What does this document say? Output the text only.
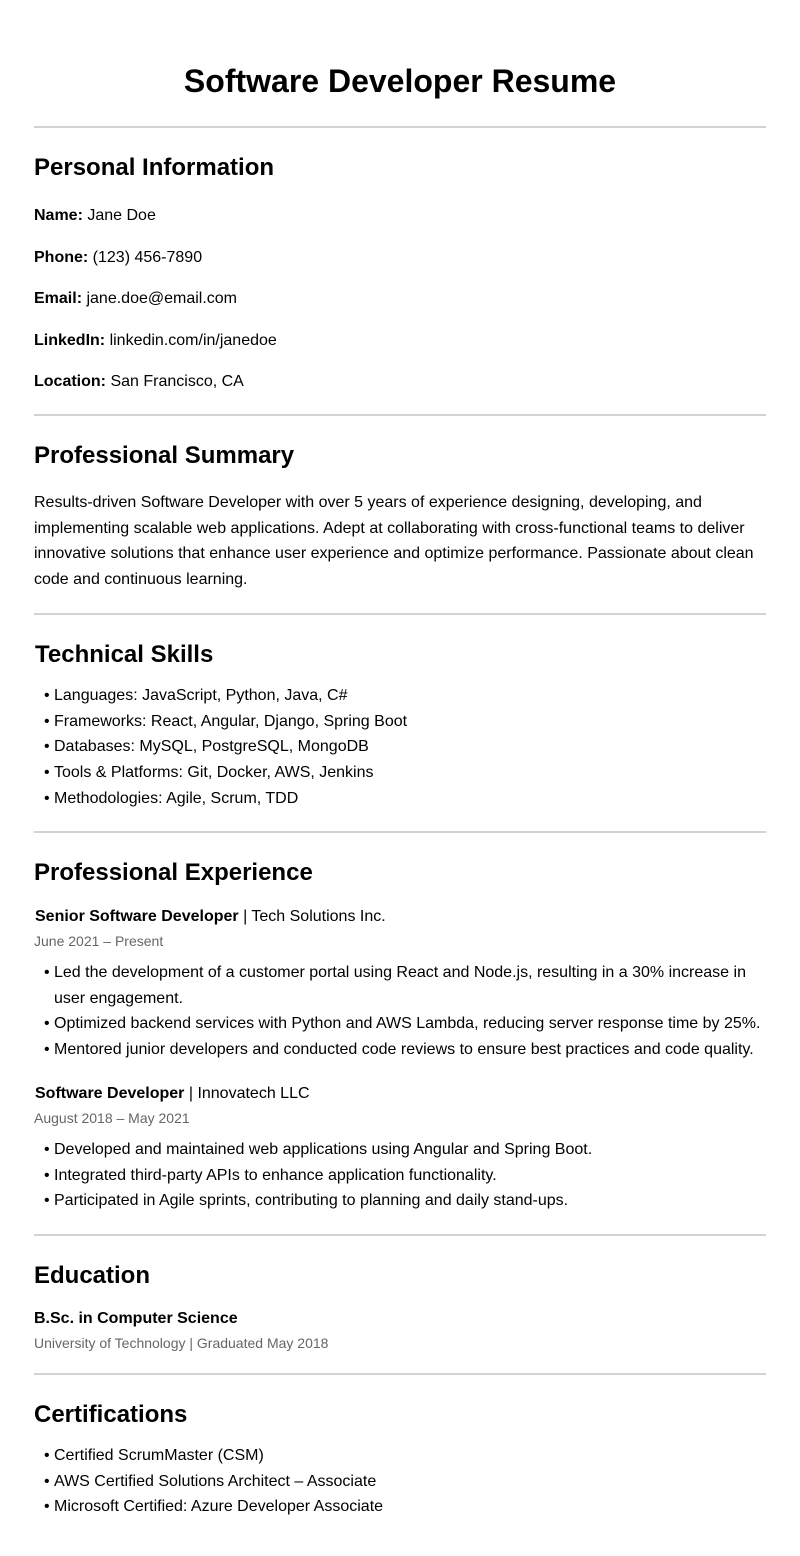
Software Developer Resume
Personal Information

Name: Jane Doe

Phone: (123) 456-7890

Email: jane.doe@email.com

LinkedIn: linkedin.com/in/janedoe

Location: San Francisco, CA

Professional Summary

Results-driven Software Developer with over 5 years of experience designing, developing, and implementing scalable web applications. Adept at collaborating with cross-functional teams to deliver innovative solutions that enhance user experience and optimize performance. Passionate about clean code and continuous learning.

Technical Skills
• Languages: JavaScript, Python, Java, C#
• Frameworks: React, Angular, Django, Spring Boot
• Databases: MySQL, PostgreSQL, MongoDB
• Tools & Platforms: Git, Docker, AWS, Jenkins
• Methodologies: Agile, Scrum, TDD
Professional Experience

Senior Software Developer | Tech Solutions Inc.

June 2021 – Present

• Led the development of a customer portal using React and Node.js, resulting in a 30% increase in user engagement.
• Optimized backend services with Python and AWS Lambda, reducing server response time by 25%.
• Mentored junior developers and conducted code reviews to ensure best practices and code quality.

Software Developer | Innovatech LLC

August 2018 – May 2021

• Developed and maintained web applications using Angular and Spring Boot.
• Integrated third-party APIs to enhance application functionality.
• Participated in Agile sprints, contributing to planning and daily stand-ups.
Education

B.Sc. in Computer Science

University of Technology | Graduated May 2018

Certifications
• Certified ScrumMaster (CSM)
• AWS Certified Solutions Architect – Associate
• Microsoft Certified: Azure Developer Associate
